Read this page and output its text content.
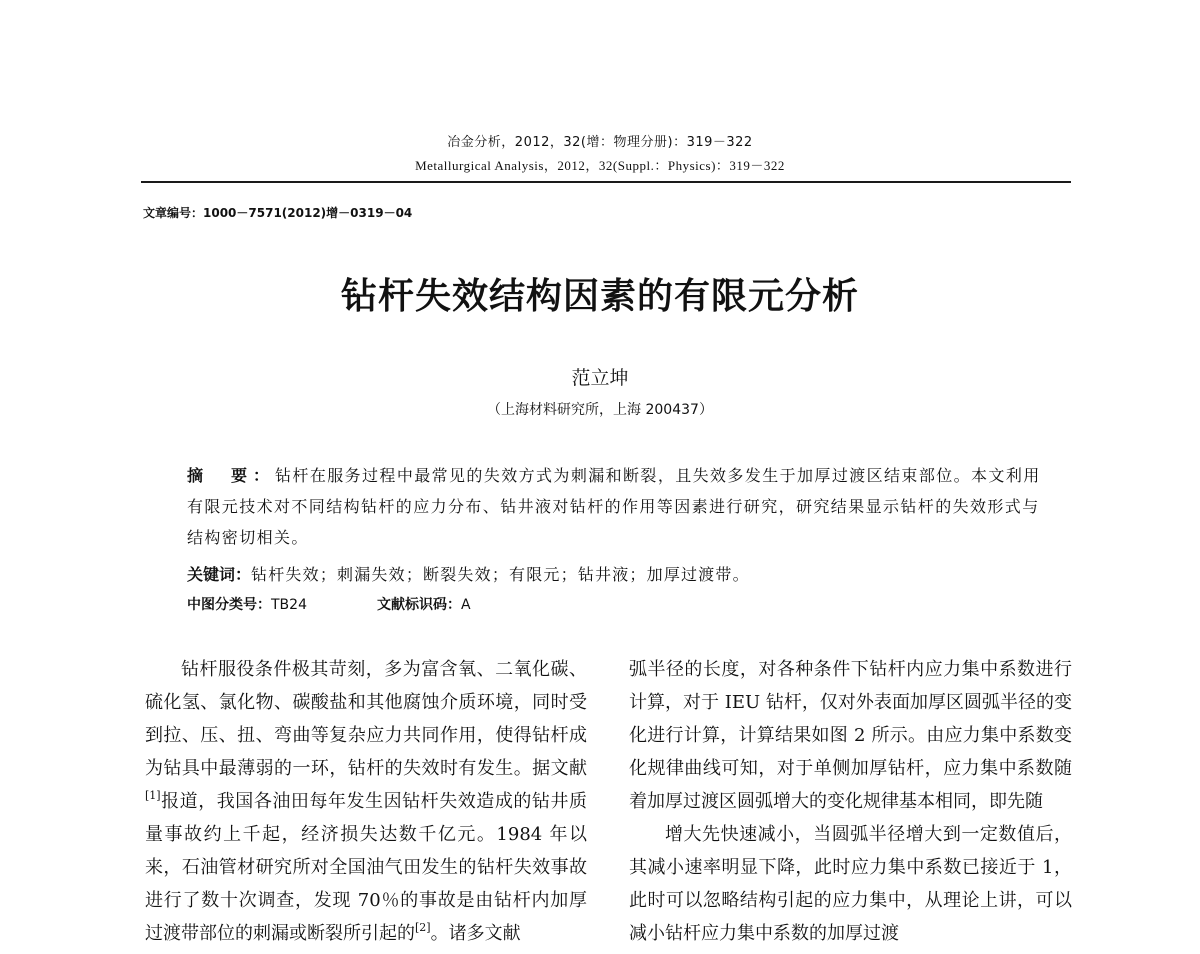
冶金分析，2012，32(增：物理分册)：319－322
Metallurgical Analysis，2012，32(Suppl.：Physics)：319－322
文章编号：1000－7571(2012)增－0319－04
钻杆失效结构因素的有限元分析
范立坤
（上海材料研究所，上海 200437）
摘　要：钻杆在服务过程中最常见的失效方式为刺漏和断裂，且失效多发生于加厚过渡区结束部位。本文利用有限元技术对不同结构钻杆的应力分布、钻井液对钻杆的作用等因素进行研究，研究结果显示钻杆的失效形式与结构密切相关。
关键词：钻杆失效；刺漏失效；断裂失效；有限元；钻井液；加厚过渡带。
中图分类号：TB24	文献标识码：A

钻杆服役条件极其苛刻，多为富含氧、二氧化碳、硫化氢、氯化物、碳酸盐和其他腐蚀介质环境，同时受到拉、压、扭、弯曲等复杂应力共同作用，使得钻杆成为钻具中最薄弱的一环，钻杆的失效时有发生。据文献[1]报道，我国各油田每年发生因钻杆失效造成的钻井质量事故约上千起，经济损失达数千亿元。1984 年以来，石油管材研究所对全国油气田发生的钻杆失效事故进行了数十次调查，发现 70％的事故是由钻杆内加厚过渡带部位的刺漏或断裂所引起的[2]。诸多文献

弧半径的长度，对各种条件下钻杆内应力集中系数进行计算，对于 IEU 钻杆，仅对外表面加厚区圆弧半径的变化进行计算，计算结果如图 2 所示。由应力集中系数变化规律曲线可知，对于单侧加厚钻杆，应力集中系数随着加厚过渡区圆弧增大的变化规律基本相同，即先随

增大先快速减小，当圆弧半径增大到一定数值后，其减小速率明显下降，此时应力集中系数已接近于 1，此时可以忽略结构引起的应力集中，从理论上讲，可以减小钻杆应力集中系数的加厚过渡
